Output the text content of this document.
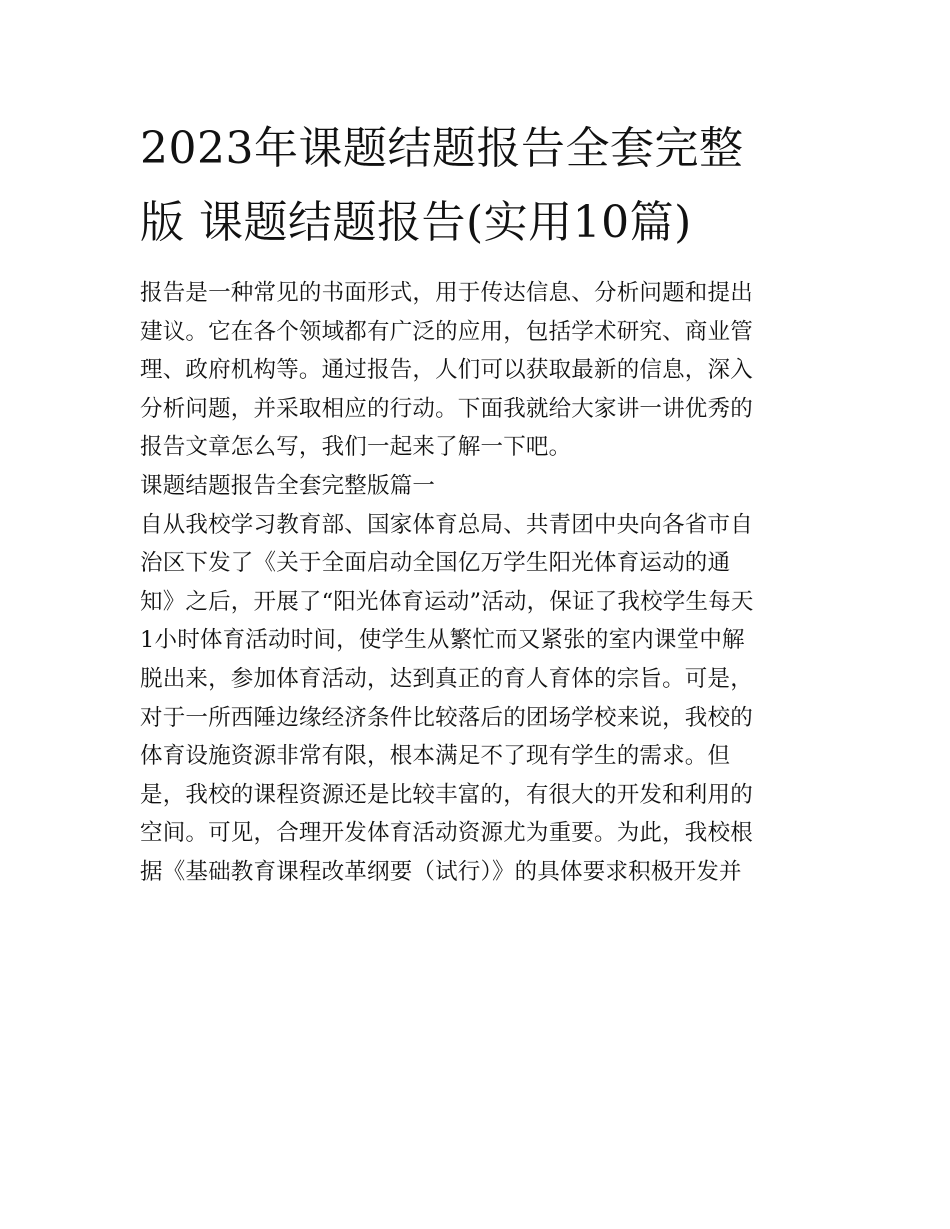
2023年课题结题报告全套完整
版 课题结题报告(实用10篇)
报告是一种常见的书面形式，用于传达信息、分析问题和提出
建议。它在各个领域都有广泛的应用，包括学术研究、商业管
理、政府机构等。通过报告，人们可以获取最新的信息，深入
分析问题，并采取相应的行动。下面我就给大家讲一讲优秀的
报告文章怎么写，我们一起来了解一下吧。
课题结题报告全套完整版篇一
自从我校学习教育部、国家体育总局、共青团中央向各省市自
治区下发了《关于全面启动全国亿万学生阳光体育运动的通
知》之后，开展了“阳光体育运动”活动，保证了我校学生每天
1小时体育活动时间，使学生从繁忙而又紧张的室内课堂中解
脱出来，参加体育活动，达到真正的育人育体的宗旨。可是，
对于一所西陲边缘经济条件比较落后的团场学校来说，我校的
体育设施资源非常有限，根本满足不了现有学生的需求。但
是，我校的课程资源还是比较丰富的，有很大的开发和利用的
空间。可见，合理开发体育活动资源尤为重要。为此，我校根
据《基础教育课程改革纲要（试行）》的具体要求积极开发并
